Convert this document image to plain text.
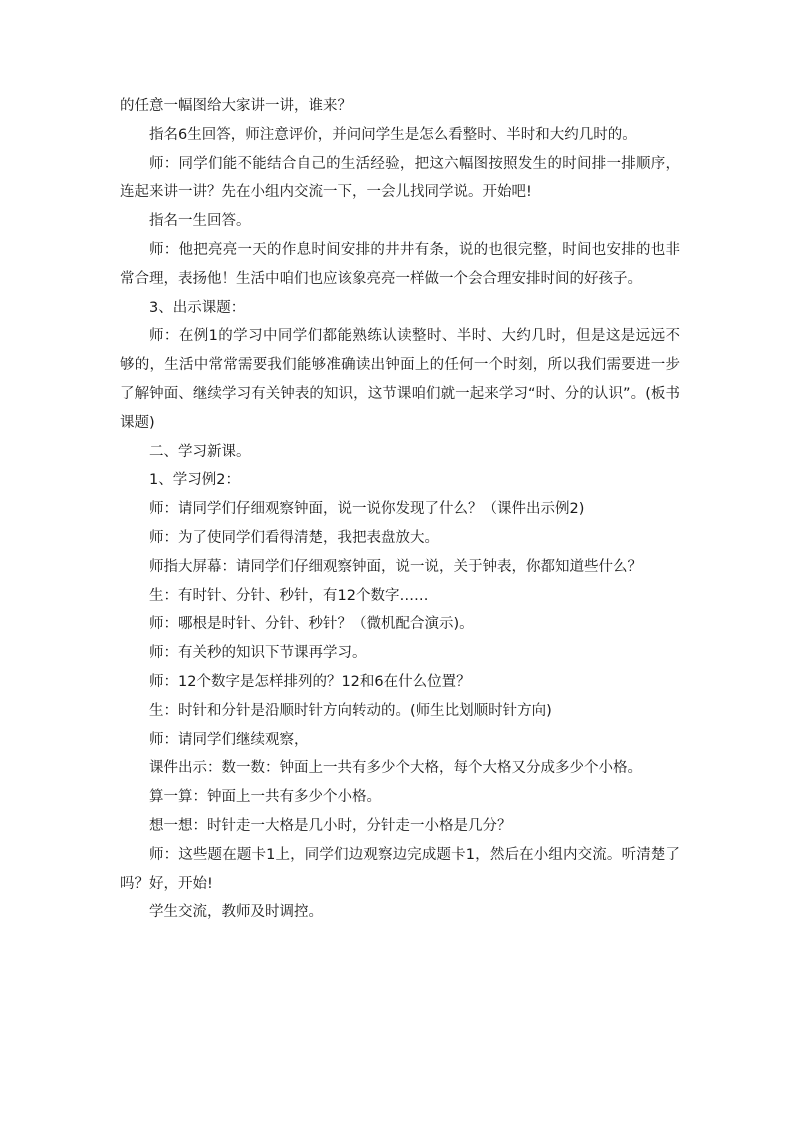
的任意一幅图给大家讲一讲，谁来？

指名6生回答，师注意评价，并问问学生是怎么看整时、半时和大约几时的。

师：同学们能不能结合自己的生活经验，把这六幅图按照发生的时间排一排顺序，连起来讲一讲？先在小组内交流一下，一会儿找同学说。开始吧!

指名一生回答。

师：他把亮亮一天的作息时间安排的井井有条，说的也很完整，时间也安排的也非常合理，表扬他！生活中咱们也应该象亮亮一样做一个会合理安排时间的好孩子。

3、出示课题：

师：在例1的学习中同学们都能熟练认读整时、半时、大约几时，但是这是远远不够的，生活中常常需要我们能够准确读出钟面上的任何一个时刻，所以我们需要进一步了解钟面、继续学习有关钟表的知识，这节课咱们就一起来学习“时、分的认识”。(板书课题)

二、学习新课。

1、学习例2：

师：请同学们仔细观察钟面，说一说你发现了什么？（课件出示例2)

师：为了使同学们看得清楚，我把表盘放大。

师指大屏幕：请同学们仔细观察钟面，说一说，关于钟表，你都知道些什么？

生：有时针、分针、秒针，有12个数字……

师：哪根是时针、分针、秒针？（微机配合演示)。

师：有关秒的知识下节课再学习。

师：12个数字是怎样排列的？12和6在什么位置？

生：时针和分针是沿顺时针方向转动的。(师生比划顺时针方向)

师：请同学们继续观察，

课件出示：数一数：钟面上一共有多少个大格，每个大格又分成多少个小格。

算一算：钟面上一共有多少个小格。

想一想：时针走一大格是几小时，分针走一小格是几分？

师：这些题在题卡1上，同学们边观察边完成题卡1，然后在小组内交流。听清楚了吗？好，开始!

学生交流，教师及时调控。
